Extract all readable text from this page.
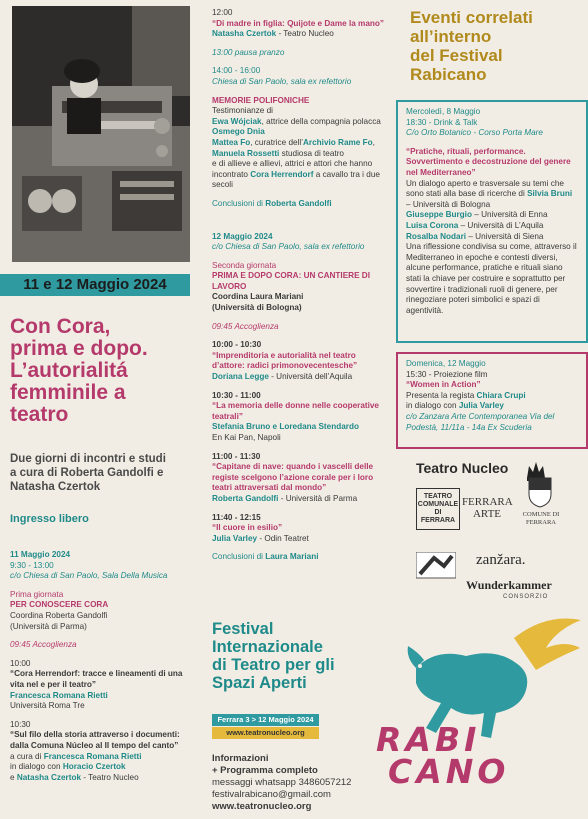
11 e 12 Maggio 2024
Con Cora,
prima e dopo.
L’autorialitá
femminile a
teatro
Due giorni di incontri e studi
a cura di Roberta Gandolfi e
Natasha Czertok
Ingresso libero

11 Maggio 2024

9:30 - 13:00

c/o Chiesa di San Paolo, Sala Della Musica

Prima giornata

PER CONOSCERE CORA

Coordina Roberta Gandolfi

(Università di Parma)

09:45 Accoglienza

10:00

“Cora Herrendorf: tracce e lineamenti di una vita nel e per il teatro”

Francesca Romana Rietti

Università Roma Tre

10:30

“Sul filo della storia attraverso i documenti: dalla Comuna Núcleo al Il tempo del canto”

a cura di Francesca Romana Rietti

in dialogo con Horacio Czertok

e Natasha Czertok - Teatro Nucleo

12:00

“Di madre in figlia: Quijote e Dame la mano”

Natasha Czertok - Teatro Nucleo

13:00 pausa pranzo

14:00 - 16:00

Chiesa di San Paolo, sala ex refettorio

MEMORIE POLIFONICHE

Testimonianze di

Ewa Wójciak, attrice della compagnia polacca Osmego Dnia

Mattea Fo, curatrice dell’Archivio Rame Fo,

Manuela Rossetti studiosa di teatro

e di allieve e allievi, attrici e attori che hanno incontrato Cora Herrendorf a cavallo tra i due secoli

Conclusioni di Roberta Gandolfi

12 Maggio 2024

c/o Chiesa di San Paolo, sala ex refettorio

Seconda giornata

PRIMA E DOPO CORA: UN CANTIERE DI LAVORO

Coordina Laura Mariani

(Università di Bologna)

09:45 Accoglienza

10:00 - 10:30

“Imprenditoria e autorialità nel teatro d’attore: radici primonovecentesche”

Doriana Legge - Università dell’Aquila

10:30 - 11:00

“La memoria delle donne nelle cooperative teatrali”

Stefania Bruno e Loredana Stendardo

En Kai Pan, Napoli

11:00 - 11:30

“Capitane di nave: quando i vascelli delle registe scelgono l’azione corale per i loro teatri attraversati dal mondo”

Roberta Gandolfi - Università di Parma

11:40 - 12:15

“Il cuore in esilio”

Julia Varley - Odin Teatret

Conclusioni di Laura Mariani

Festival
Internazionale
di Teatro per gli
Spazi Aperti
Ferrara 3 > 12 Maggio 2024
www.teatronucleo.org
Informazioni
+ Programma completo
messaggi whatsapp 3486057212
festivalrabicano@gmail.com
www.teatronucleo.org
Eventi correlati
all’interno
del Festival
Rabicano

Mercoledì, 8 Maggio

18:30 - Drink & Talk

C/o Orto Botanico - Corso Porta Mare

“Pratiche, rituali, performance. Sovvertimento e decostruzione del genere nel Mediterraneo”

Un dialogo aperto e trasversale su temi che sono stati alla base di ricerche di Silvia Bruni – Università di Bologna

Giuseppe Burgio – Università di Enna

Luisa Corona – Università di L’Aquila

Rosalba Nodari – Università di Siena

Una riflessione condivisa su come, attraverso il Mediterraneo in epoche e contesti diversi, alcune performance, pratiche e rituali siano stati la chiave per costruire e soprattutto per sovvertire i tradizionali ruoli di genere, per rinegoziare poteri simbolici e spazi di agentività.

Domenica, 12 Maggio

15:30 - Proiezione film

“Women in Action”

Presenta la regista Chiara Crupi

in dialogo con Julia Varley

c/o Zanzara Arte Contemporanea Via del Podestà, 11/11a - 14a Ex Scuderia

Teatro Nucleo
TEATRO COMUNALE DI FERRARA
FERRARA ARTE	COMUNE DI FERRARA
zanžara.
Wunderkammer
CONSORZIO
RABI
CANO
